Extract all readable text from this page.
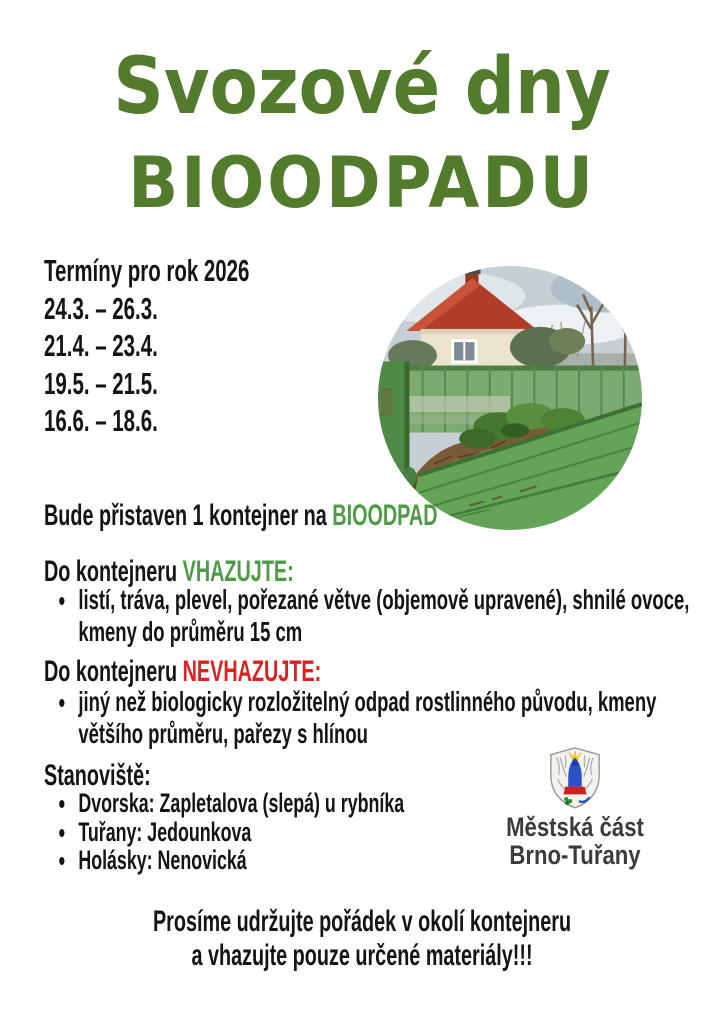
Svozové dny
BIOODPADU
Termíny pro rok 2026
24.3. – 26.3.
21.4. – 23.4.
19.5. – 21.5.
16.6. – 18.6.
Bude přistaven 1 kontejner na BIOODPAD
Do kontejneru VHAZUJTE:
• listí, tráva, plevel, pořezané větve (objemově upravené), shnilé ovoce, kmeny do průměru 15 cm
Do kontejneru NEVHAZUJTE:
• jiný než biologicky rozložitelný odpad rostlinného původu, kmeny většího průměru, pařezy s hlínou
Stanoviště:
• Dvorska: Zapletalova (slepá) u rybníka
• Tuřany: Jedounkova
• Holásky: Nenovická
Městská část
Brno-Tuřany
Prosíme udržujte pořádek v okolí kontejneru
a vhazujte pouze určené materiály!!!
